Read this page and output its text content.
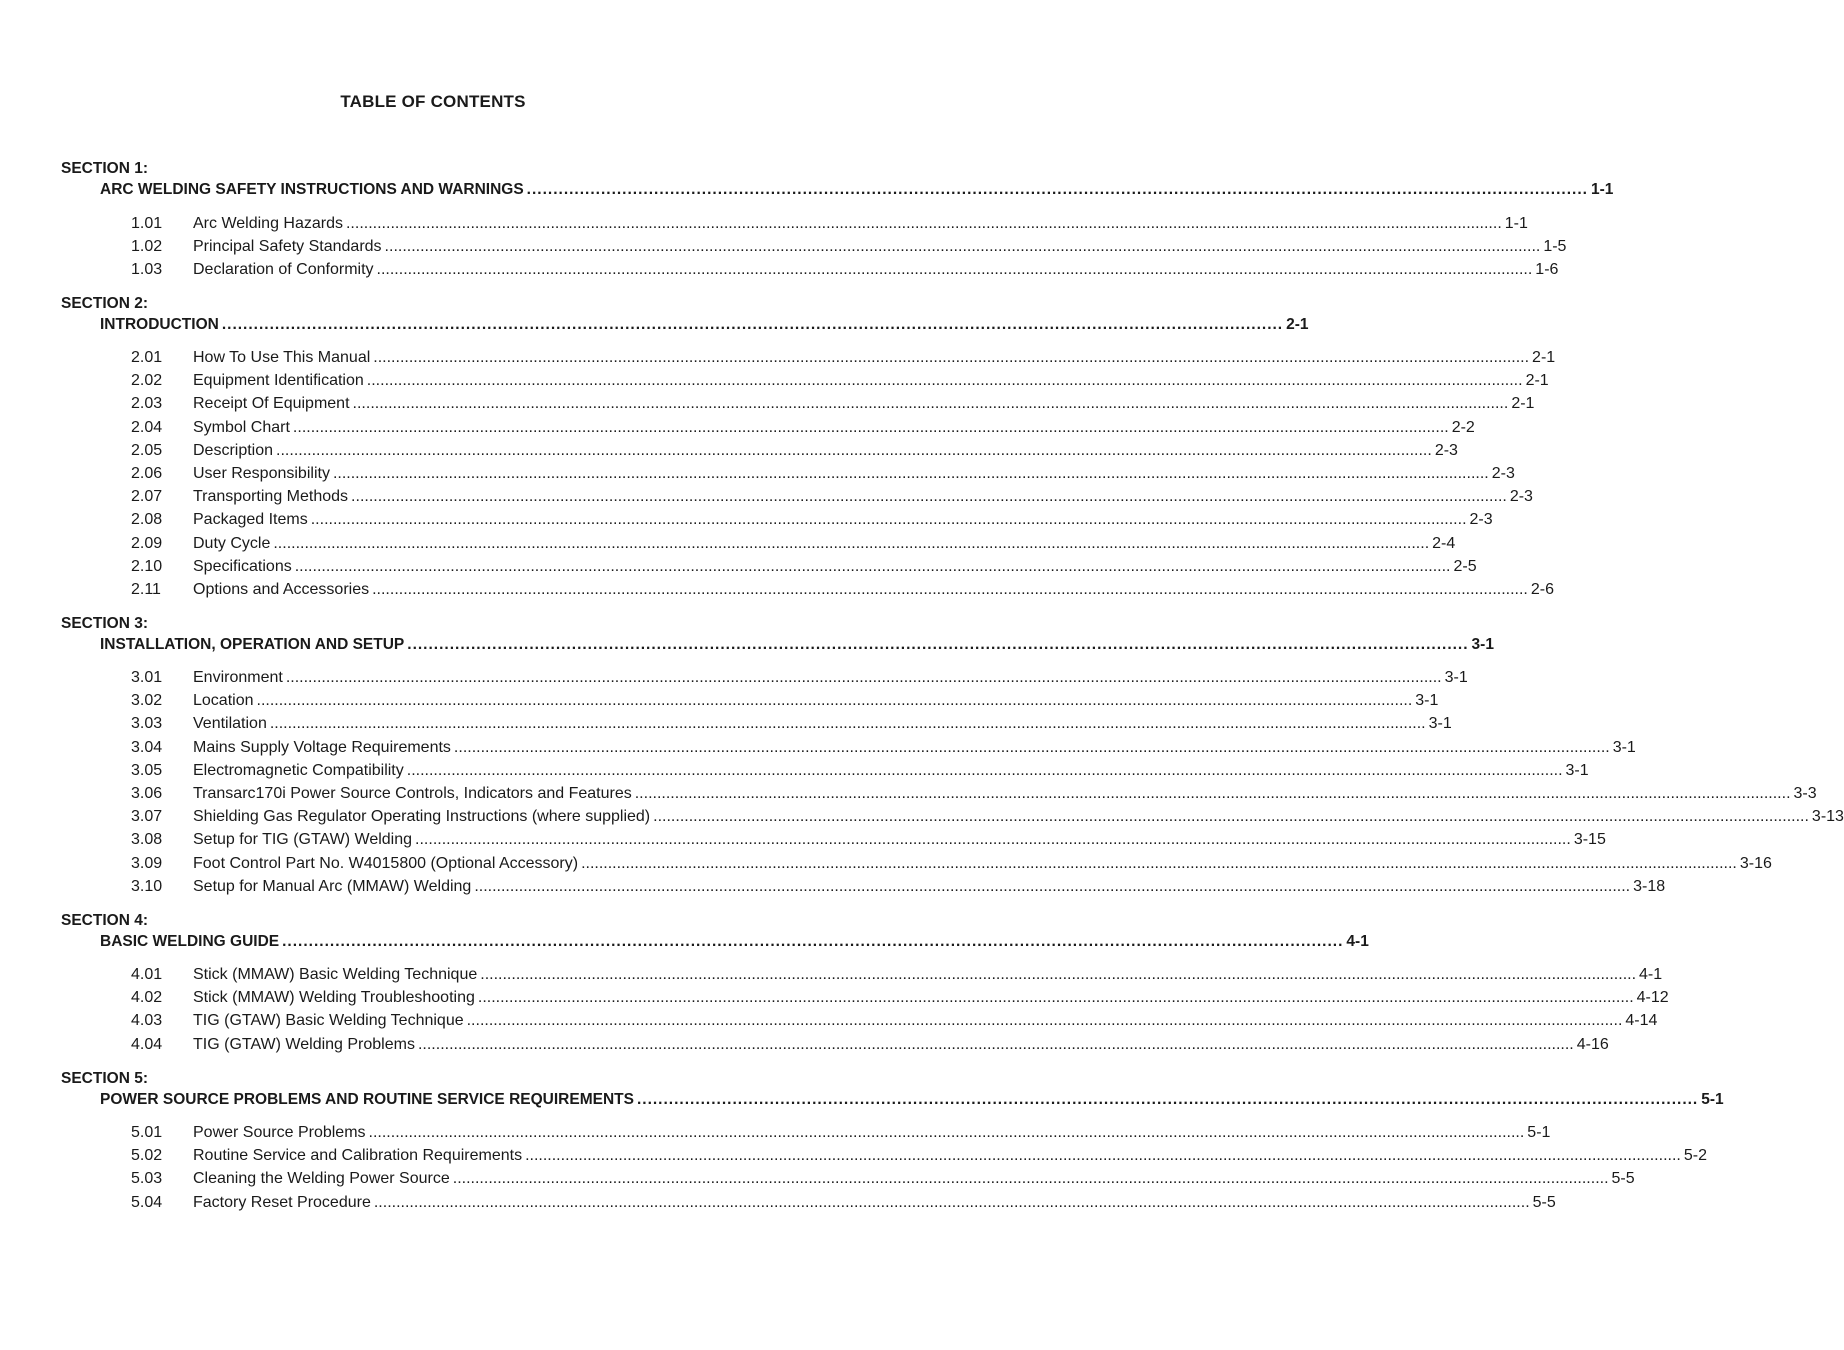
TABLE OF CONTENTS
SECTION 1:
ARC WELDING SAFETY INSTRUCTIONS AND WARNINGS ........................................................................................................................................................................................................ 1-1
1.01 Arc Welding Hazards .................................................................................................................................................................................................................................................................... 1-1
1.02 Principal Safety Standards .................................................................................................................................................................................................................................................................... 1-5
1.03 Declaration of Conformity .................................................................................................................................................................................................................................................................... 1-6
SECTION 2:
INTRODUCTION ........................................................................................................................................................................................................ 2-1
2.01 How To Use This Manual .................................................................................................................................................................................................................................................................... 2-1
2.02 Equipment Identification .................................................................................................................................................................................................................................................................... 2-1
2.03 Receipt Of Equipment .................................................................................................................................................................................................................................................................... 2-1
2.04 Symbol Chart .................................................................................................................................................................................................................................................................... 2-2
2.05 Description .................................................................................................................................................................................................................................................................... 2-3
2.06 User Responsibility .................................................................................................................................................................................................................................................................... 2-3
2.07 Transporting Methods .................................................................................................................................................................................................................................................................... 2-3
2.08 Packaged Items .................................................................................................................................................................................................................................................................... 2-3
2.09 Duty Cycle .................................................................................................................................................................................................................................................................... 2-4
2.10 Specifications .................................................................................................................................................................................................................................................................... 2-5
2.11 Options and Accessories .................................................................................................................................................................................................................................................................... 2-6
SECTION 3:
INSTALLATION, OPERATION AND SETUP ........................................................................................................................................................................................................ 3-1
3.01 Environment .................................................................................................................................................................................................................................................................... 3-1
3.02 Location .................................................................................................................................................................................................................................................................... 3-1
3.03 Ventilation .................................................................................................................................................................................................................................................................... 3-1
3.04 Mains Supply Voltage Requirements .................................................................................................................................................................................................................................................................... 3-1
3.05 Electromagnetic Compatibility .................................................................................................................................................................................................................................................................... 3-1
3.06 Transarc170i Power Source Controls, Indicators and Features .................................................................................................................................................................................................................................................................... 3-3
3.07 Shielding Gas Regulator Operating Instructions (where supplied) .................................................................................................................................................................................................................................................................... 3-13
3.08 Setup for TIG (GTAW) Welding .................................................................................................................................................................................................................................................................... 3-15
3.09 Foot Control Part No. W4015800 (Optional Accessory) .................................................................................................................................................................................................................................................................... 3-16
3.10 Setup for Manual Arc (MMAW) Welding .................................................................................................................................................................................................................................................................... 3-18
SECTION 4:
BASIC WELDING GUIDE ........................................................................................................................................................................................................ 4-1
4.01 Stick (MMAW) Basic Welding Technique .................................................................................................................................................................................................................................................................... 4-1
4.02 Stick (MMAW) Welding Troubleshooting .................................................................................................................................................................................................................................................................... 4-12
4.03 TIG (GTAW) Basic Welding Technique .................................................................................................................................................................................................................................................................... 4-14
4.04 TIG (GTAW) Welding Problems .................................................................................................................................................................................................................................................................... 4-16
SECTION 5:
POWER SOURCE PROBLEMS AND ROUTINE SERVICE REQUIREMENTS ........................................................................................................................................................................................................ 5-1
5.01 Power Source Problems .................................................................................................................................................................................................................................................................... 5-1
5.02 Routine Service and Calibration Requirements .................................................................................................................................................................................................................................................................... 5-2
5.03 Cleaning the Welding Power Source .................................................................................................................................................................................................................................................................... 5-5
5.04 Factory Reset Procedure .................................................................................................................................................................................................................................................................... 5-5
